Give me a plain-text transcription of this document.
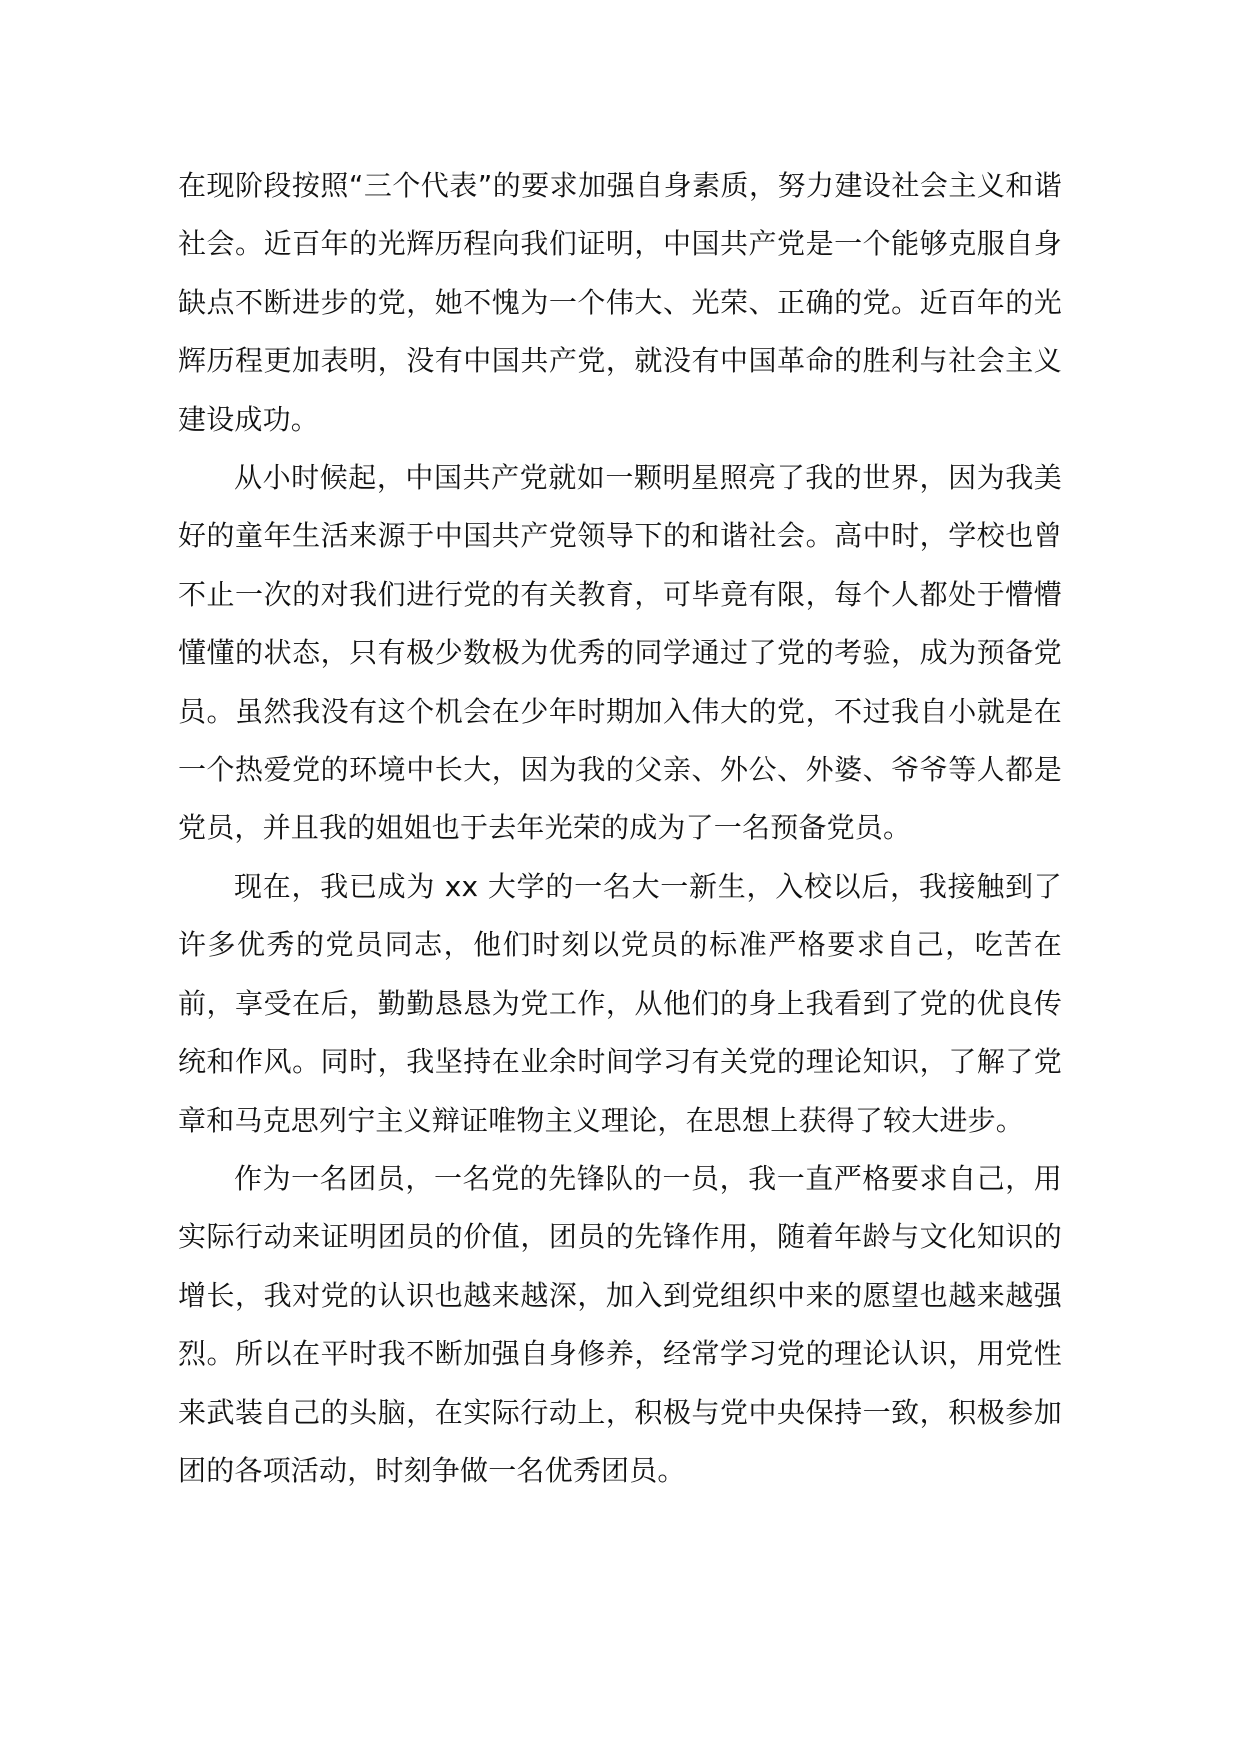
在现阶段按照“三个代表”的要求加强自身素质，努力建设社会主义和谐社会。近百年的光辉历程向我们证明，中国共产党是一个能够克服自身缺点不断进步的党，她不愧为一个伟大、光荣、正确的党。近百年的光辉历程更加表明，没有中国共产党，就没有中国革命的胜利与社会主义建设成功。

从小时候起，中国共产党就如一颗明星照亮了我的世界，因为我美好的童年生活来源于中国共产党领导下的和谐社会。高中时，学校也曾不止一次的对我们进行党的有关教育，可毕竟有限，每个人都处于懵懵懂懂的状态，只有极少数极为优秀的同学通过了党的考验，成为预备党员。虽然我没有这个机会在少年时期加入伟大的党，不过我自小就是在一个热爱党的环境中长大，因为我的父亲、外公、外婆、爷爷等人都是党员，并且我的姐姐也于去年光荣的成为了一名预备党员。

现在，我已成为 xx 大学的一名大一新生，入校以后，我接触到了许多优秀的党员同志，他们时刻以党员的标准严格要求自己，吃苦在前，享受在后，勤勤恳恳为党工作，从他们的身上我看到了党的优良传统和作风。同时，我坚持在业余时间学习有关党的理论知识，了解了党章和马克思列宁主义辩证唯物主义理论，在思想上获得了较大进步。

作为一名团员，一名党的先锋队的一员，我一直严格要求自己，用实际行动来证明团员的价值，团员的先锋作用，随着年龄与文化知识的增长，我对党的认识也越来越深，加入到党组织中来的愿望也越来越强烈。所以在平时我不断加强自身修养，经常学习党的理论认识，用党性来武装自己的头脑，在实际行动上，积极与党中央保持一致，积极参加团的各项活动，时刻争做一名优秀团员。
